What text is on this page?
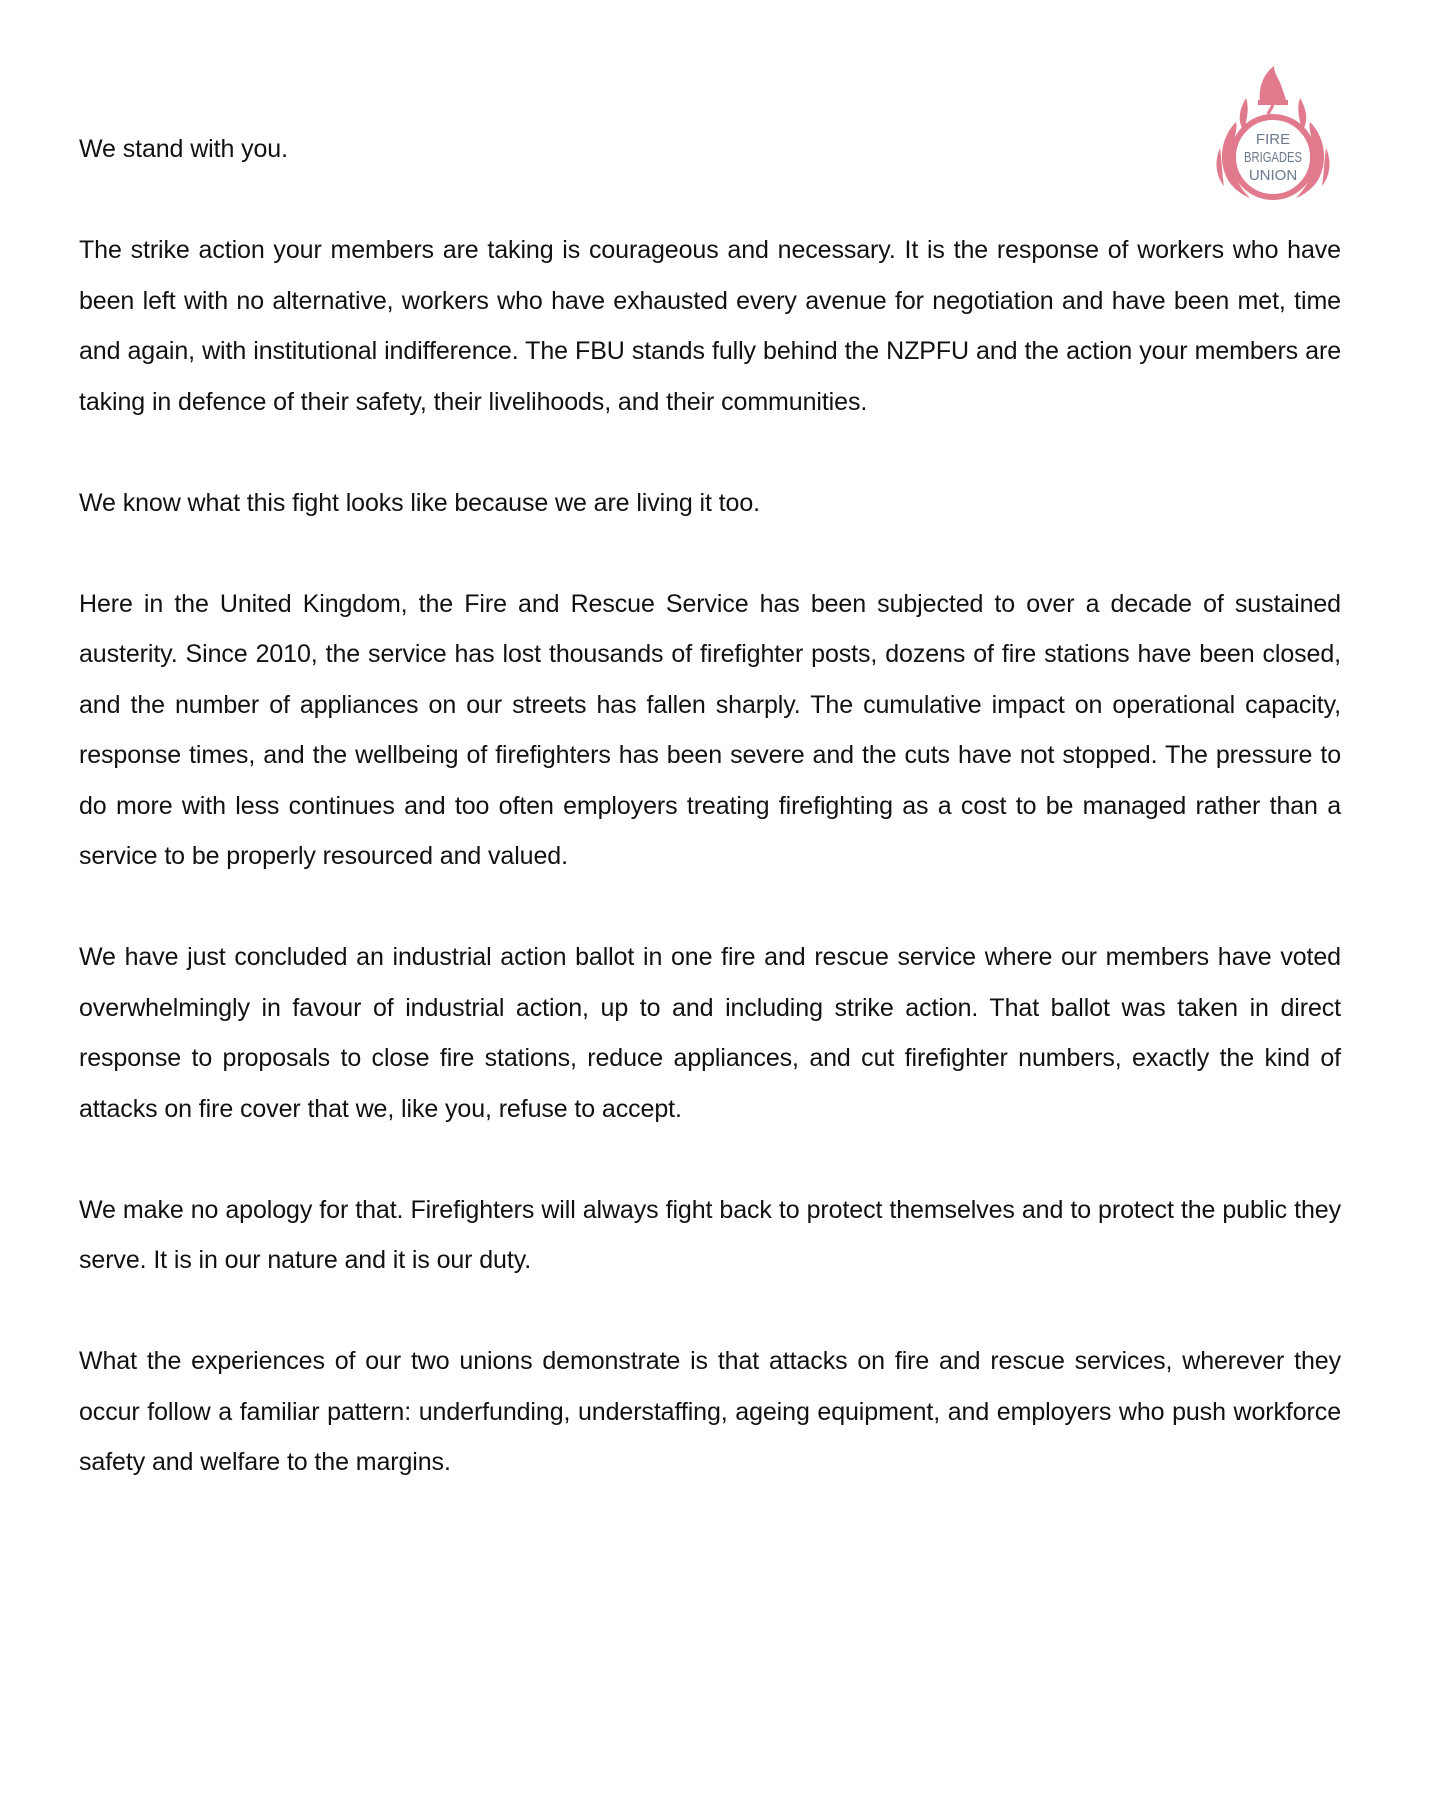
FIRE
BRIGADES
UNION

We stand with you.

The strike action your members are taking is courageous and necessary. It is the response of workers who have been left with no alternative, workers who have exhausted every avenue for negotiation and have been met, time and again, with institutional indifference. The FBU stands fully behind the NZPFU and the action your members are taking in defence of their safety, their livelihoods, and their communities.

We know what this fight looks like because we are living it too.

Here in the United Kingdom, the Fire and Rescue Service has been subjected to over a decade of sustained austerity. Since 2010, the service has lost thousands of firefighter posts, dozens of fire stations have been closed, and the number of appliances on our streets has fallen sharply. The cumulative impact on operational capacity, response times, and the wellbeing of firefighters has been severe and the cuts have not stopped. The pressure to do more with less continues and too often employers treating firefighting as a cost to be managed rather than a service to be properly resourced and valued.

We have just concluded an industrial action ballot in one fire and rescue service where our members have voted overwhelmingly in favour of industrial action, up to and including strike action. That ballot was taken in direct response to proposals to close fire stations, reduce appliances, and cut firefighter numbers, exactly the kind of attacks on fire cover that we, like you, refuse to accept.

We make no apology for that. Firefighters will always fight back to protect themselves and to protect the public they serve. It is in our nature and it is our duty.

What the experiences of our two unions demonstrate is that attacks on fire and rescue services, wherever they occur follow a familiar pattern: underfunding, understaffing, ageing equipment, and employers who push workforce safety and welfare to the margins.
